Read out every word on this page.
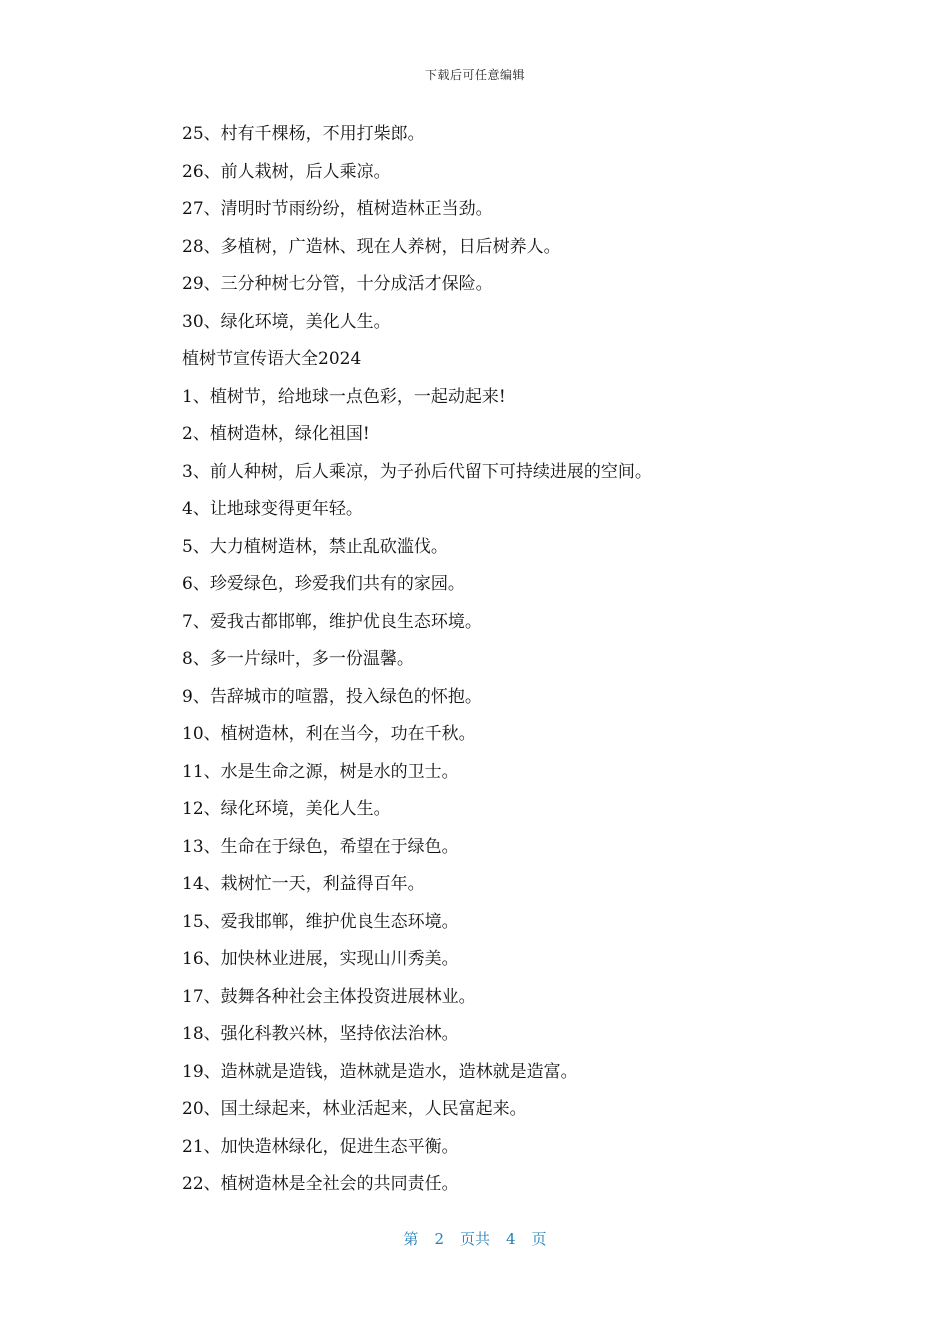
下载后可任意编辑
25、村有千棵杨，不用打柴郎。
26、前人栽树，后人乘凉。
27、清明时节雨纷纷，植树造林正当劲。
28、多植树，广造林、现在人养树，日后树养人。
29、三分种树七分管，十分成活才保险。
30、绿化环境，美化人生。
植树节宣传语大全2024
1、植树节，给地球一点色彩，一起动起来!
2、植树造林，绿化祖国!
3、前人种树，后人乘凉，为子孙后代留下可持续进展的空间。
4、让地球变得更年轻。
5、大力植树造林，禁止乱砍滥伐。
6、珍爱绿色，珍爱我们共有的家园。
7、爱我古都邯郸，维护优良生态环境。
8、多一片绿叶，多一份温馨。
9、告辞城市的喧嚣，投入绿色的怀抱。
10、植树造林，利在当今，功在千秋。
11、水是生命之源，树是水的卫士。
12、绿化环境，美化人生。
13、生命在于绿色，希望在于绿色。
14、栽树忙一天，利益得百年。
15、爱我邯郸，维护优良生态环境。
16、加快林业进展，实现山川秀美。
17、鼓舞各种社会主体投资进展林业。
18、强化科教兴林，坚持依法治林。
19、造林就是造钱，造林就是造水，造林就是造富。
20、国土绿起来，林业活起来，人民富起来。
21、加快造林绿化，促进生态平衡。
22、植树造林是全社会的共同责任。
第 2 页共 4 页
